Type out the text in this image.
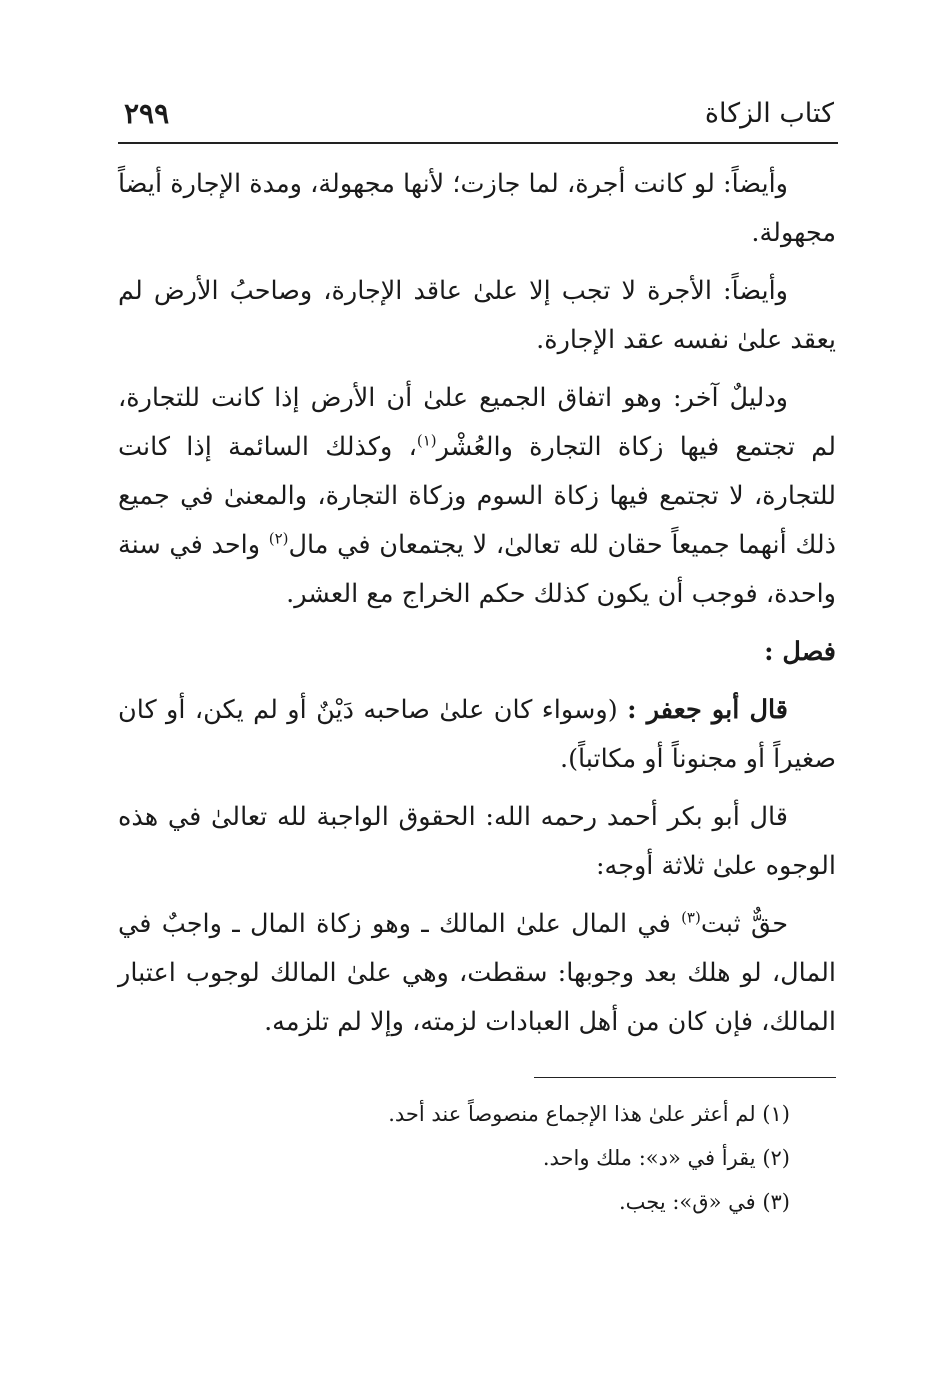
كتاب الزكاة
٢٩٩

وأيضاً: لو كانت أجرة، لما جازت؛ لأنها مجهولة، ومدة الإجارة أيضاً مجهولة.

وأيضاً: الأجرة لا تجب إلا علىٰ عاقد الإجارة، وصاحبُ الأرض لم يعقد علىٰ نفسه عقد الإجارة.

ودليلٌ آخر: وهو اتفاق الجميع علىٰ أن الأرض إذا كانت للتجارة، لم تجتمع فيها زكاة التجارة والعُشْر$^{(١)}$، وكذلك السائمة إذا كانت للتجارة، لا تجتمع فيها زكاة السوم وزكاة التجارة، والمعنىٰ في جميع ذلك أنهما جميعاً حقان لله تعالىٰ، لا يجتمعان في مال$^{(٢)}$ واحد في سنة واحدة، فوجب أن يكون كذلك حكم الخراج مع العشر.

فصل :

قال أبو جعفر : (وسواء كان علىٰ صاحبه دَيْنٌ أو لم يكن، أو كان صغيراً أو مجنوناً أو مكاتباً).

قال أبو بكر أحمد رحمه الله: الحقوق الواجبة لله تعالىٰ في هذه الوجوه علىٰ ثلاثة أوجه:

حقٌّ ثبت$^{(٣)}$ في المال علىٰ المالك ـ وهو زكاة المال ـ واجبٌ في المال، لو هلك بعد وجوبها: سقطت، وهي علىٰ المالك لوجوب اعتبار المالك، فإن كان من أهل العبادات لزمته، وإلا لم تلزمه.

(١) لم أعثر علىٰ هذا الإجماع منصوصاً عند أحد.
(٢) يقرأ في «د»: ملك واحد.
(٣) في «ق»: يجب.
